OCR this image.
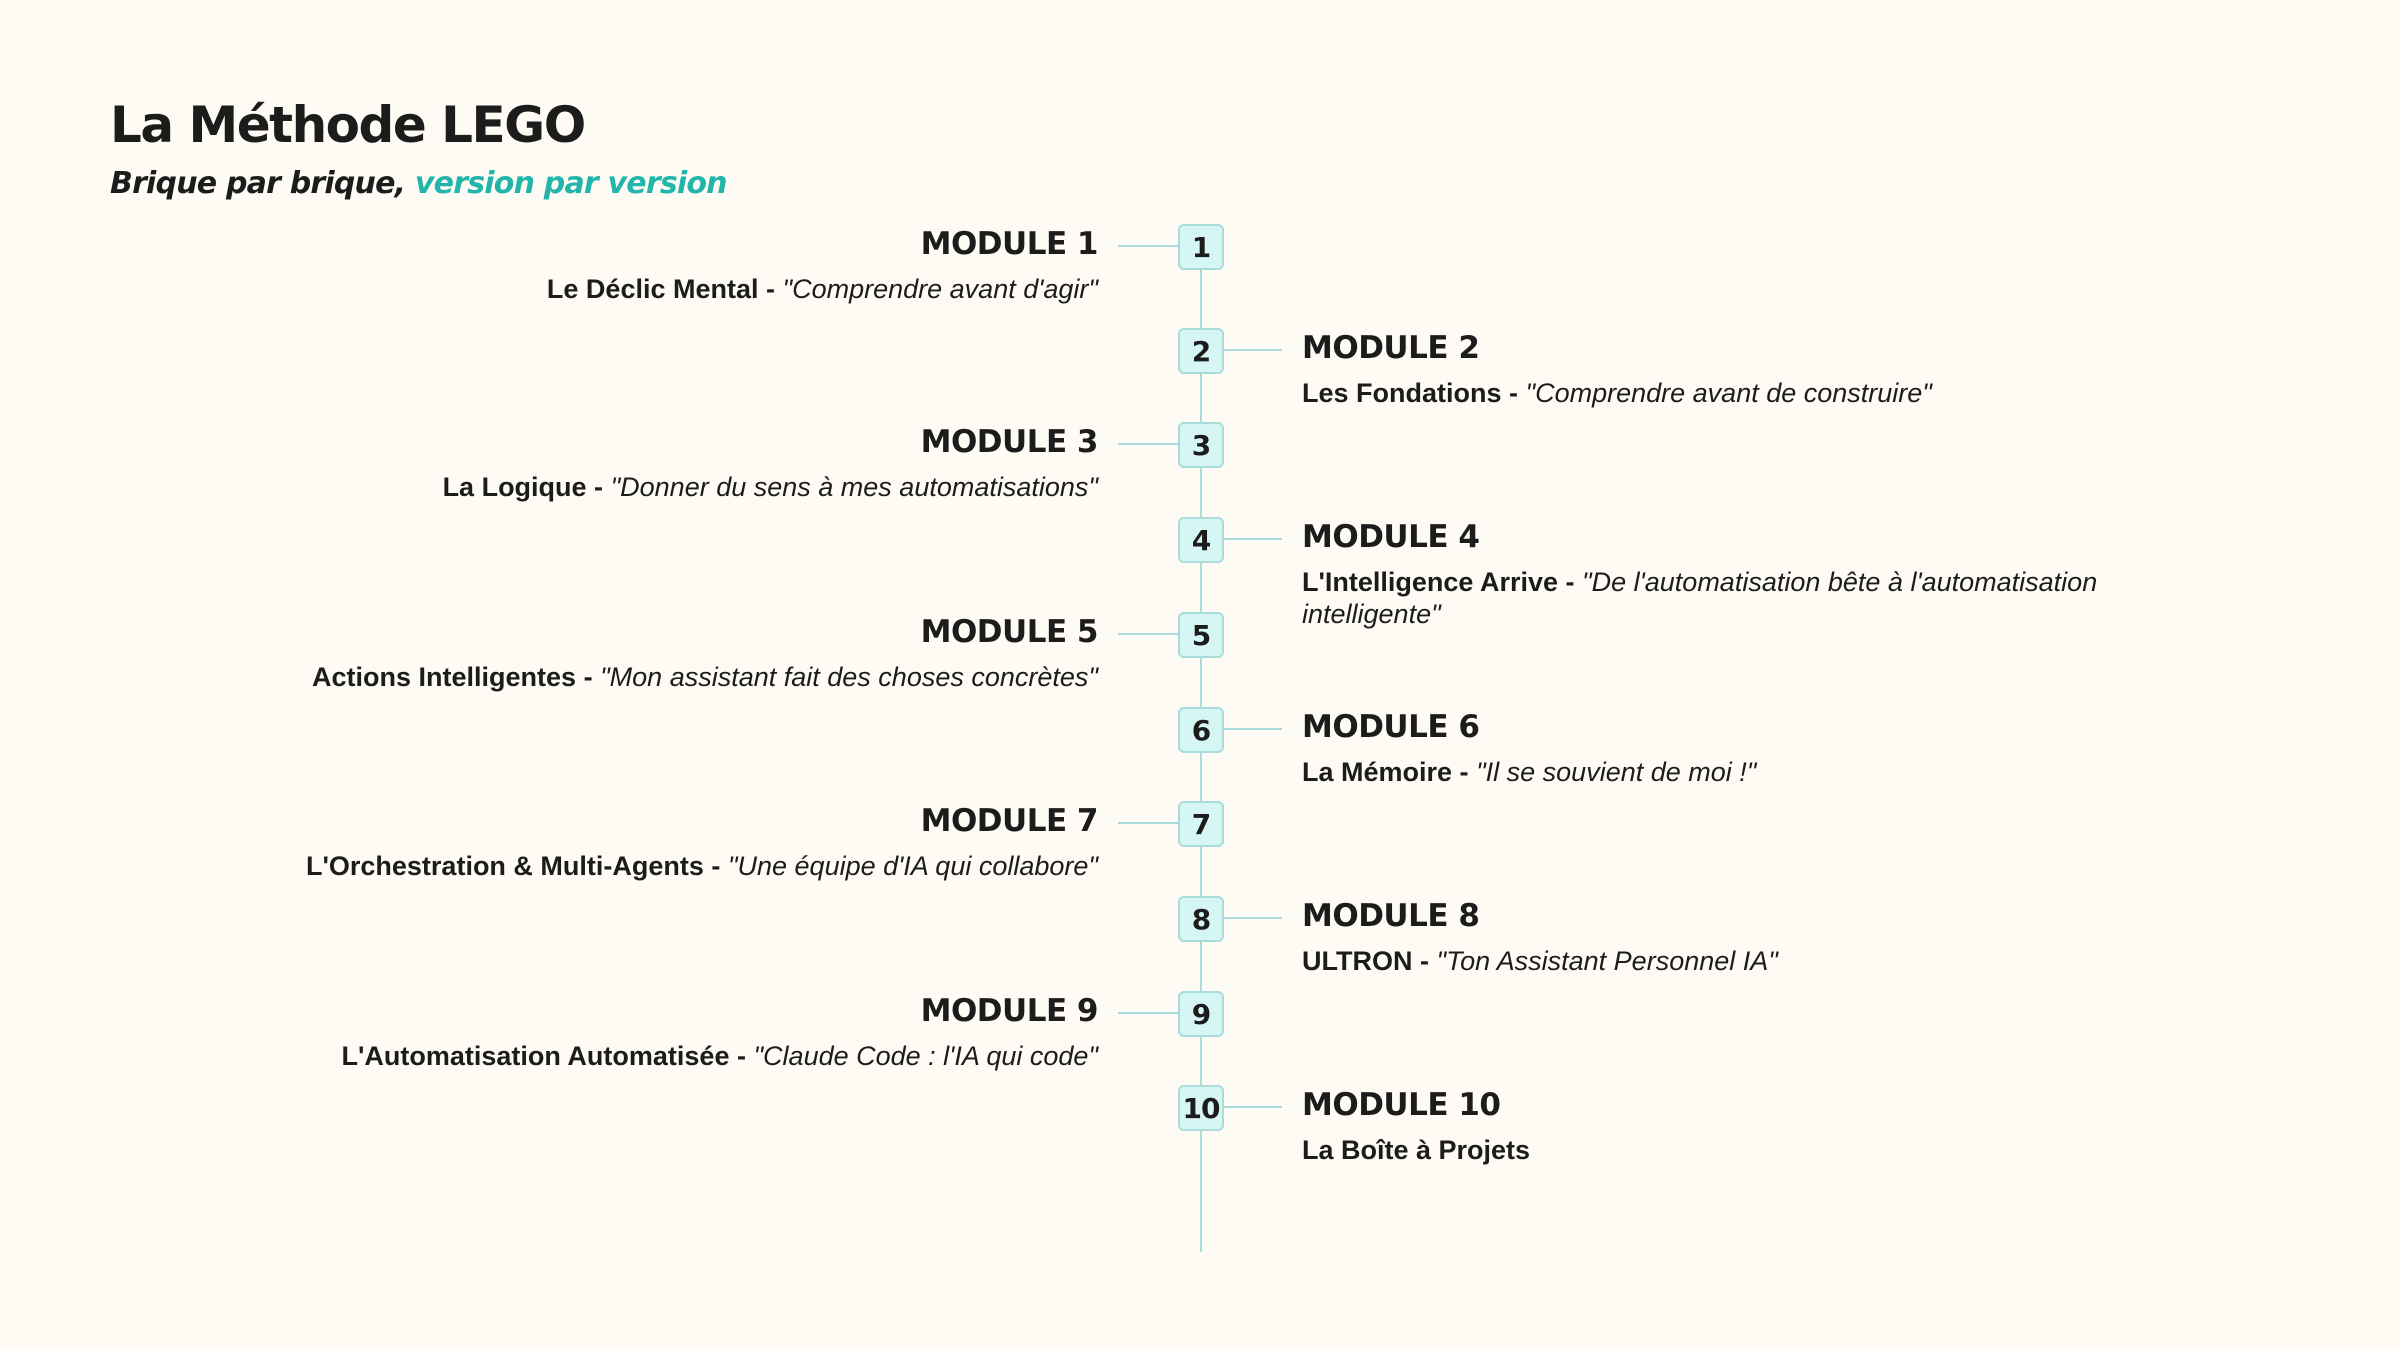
La Méthode LEGO

Brique par brique, version par version

1
MODULE 1
Le Déclic Mental - "Comprendre avant d'agir"
2	MODULE 2
Les Fondations - "Comprendre avant de construire"
3
MODULE 3
La Logique - "Donner du sens à mes automatisations"
4	MODULE 4
L'Intelligence Arrive - "De l'automatisation bête à l'automatisation intelligente"
5
MODULE 5
Actions Intelligentes - "Mon assistant fait des choses concrètes"
6	MODULE 6
La Mémoire - "Il se souvient de moi !"
7
MODULE 7
L'Orchestration & Multi-Agents - "Une équipe d'IA qui collabore"
8	MODULE 8
ULTRON - "Ton Assistant Personnel IA"
9
MODULE 9
L'Automatisation Automatisée - "Claude Code : l'IA qui code"
10	MODULE 10
La Boîte à Projets
